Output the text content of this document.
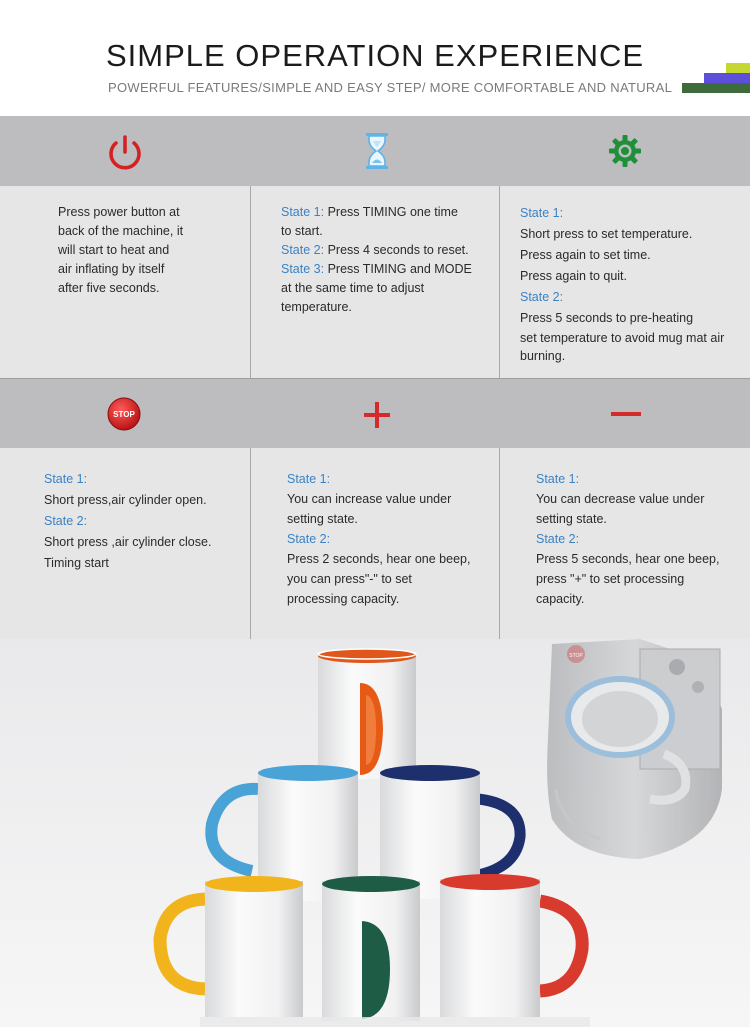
SIMPLE OPERATION EXPERIENCE
POWERFUL FEATURES/SIMPLE AND EASY STEP/ MORE COMFORTABLE AND NATURAL

Press power button at

back of the machine, it

will start to heat and

air inflating by itself

after five seconds.

State 1: Press TIMING one time

to start.

State 2: Press 4 seconds to reset.

State 3: Press TIMING and MODE

at the same time to adjust

temperature.

State 1:

Short press to set temperature.

Press again to set time.

Press again to quit.

State 2:

Press 5 seconds to pre-heating

set temperature to avoid mug mat air

burning.

STOP

State 1:

Short press,air cylinder open.

State 2:

Short press ,air cylinder close.

Timing start

State 1:

You can increase value under

setting state.

State 2:

Press 2 seconds, hear one beep,

you can press"-" to set

processing capacity.

State 1:

You can decrease value under

setting state.

State 2:

Press 5 seconds, hear one beep,

press "+" to set processing

capacity.

STOP
